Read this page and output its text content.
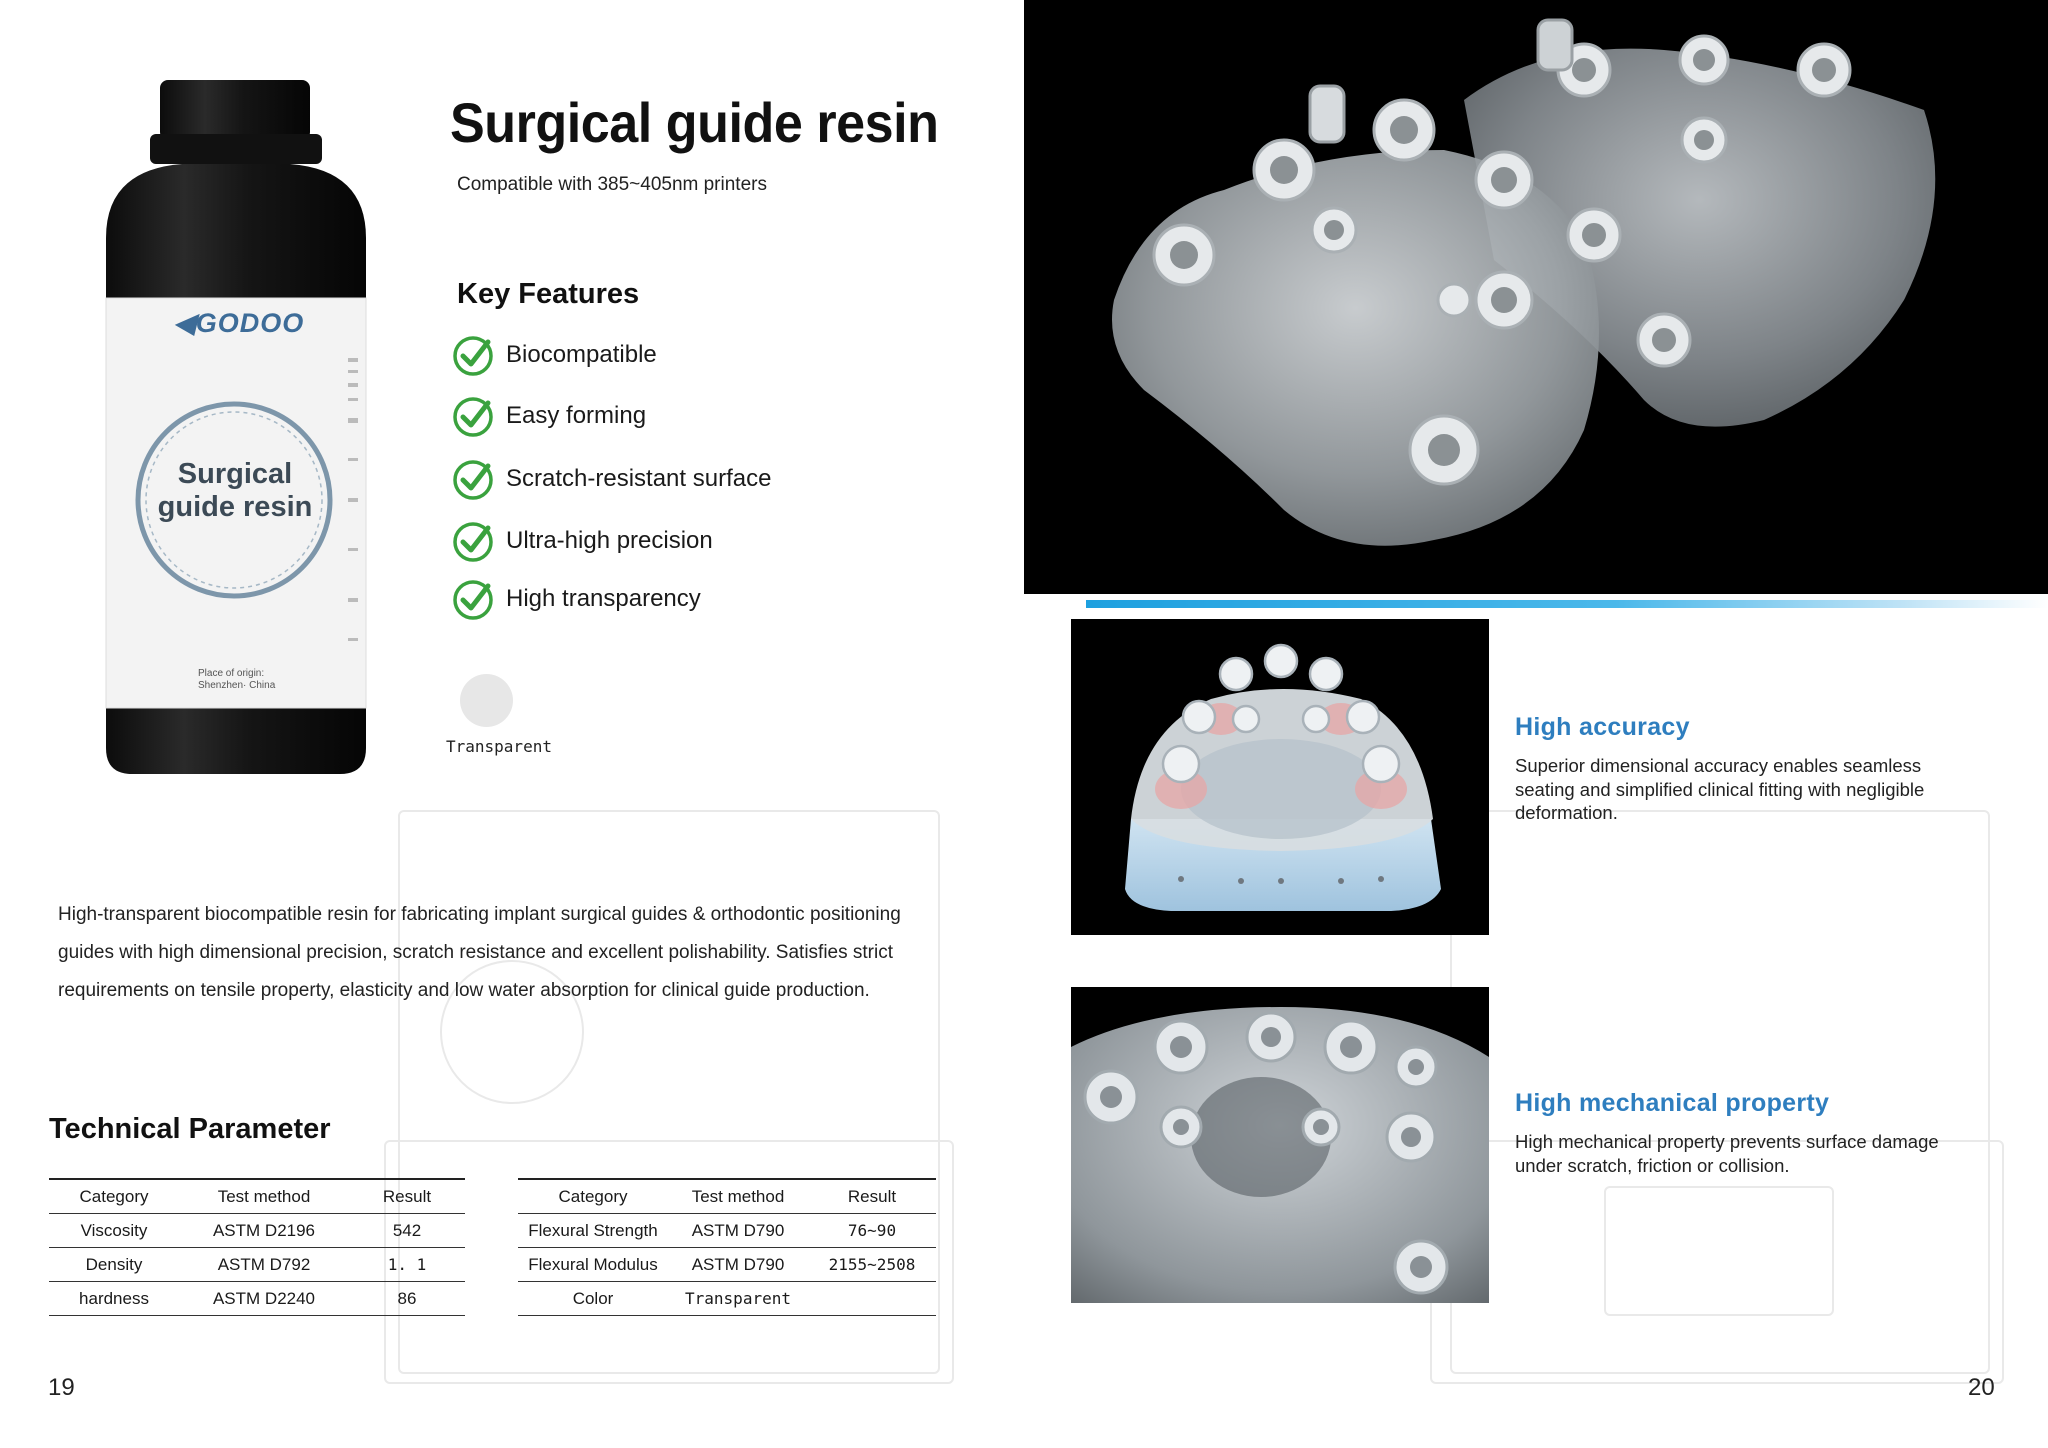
◀GODOO
Surgical
guide resin
Place of origin:
Shenzhen· China
Surgical guide resin
Compatible with 385~405nm printers
Key Features
Biocompatible
Easy forming
Scratch-resistant surface
Ultra-high precision
High transparency
Transparent
High-transparent biocompatible resin for fabricating implant surgical guides & orthodontic positioning guides with high dimensional precision, scratch resistance and excellent polishability. Satisfies strict requirements on tensile property, elasticity and low water absorption for clinical guide production.
Technical Parameter
Category	Test method	Result
Viscosity	ASTM D2196	542
Density	ASTM D792	1. 1
hardness	ASTM D2240	86
Category	Test method	Result
Flexural Strength	ASTM D790	76~90
Flexural Modulus	ASTM D790	2155~2508
Color	Transparent	
19
High accuracy
Superior dimensional accuracy enables seamless seating and simplified clinical fitting with negligible deformation.
High mechanical property
High mechanical property prevents surface damage under scratch, friction or collision.
20
